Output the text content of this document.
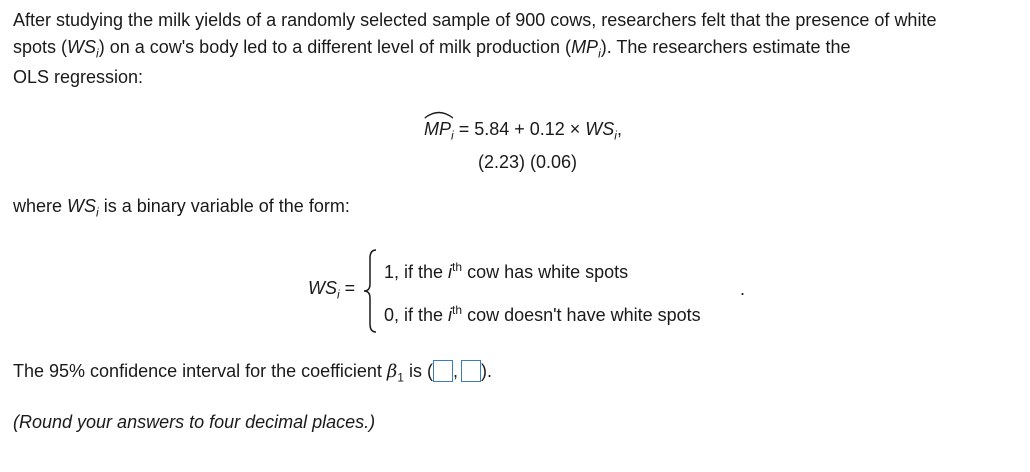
After studying the milk yields of a randomly selected sample of 900 cows, researchers felt that the presence of white
spots $(WS_i)$ on a cow's body led to a different level of milk production $(MP_i)$. The researchers estimate the
OLS regression:
$MP_i = 5.84 + 0.12 \times WS_i$,
(2.23) (0.06)
where $WS_i$ is a binary variable of the form:
$WS_i$ =
1, if the $i^{th}$ cow has white spots
0, if the $i^{th}$ cow doesn't have white spots
.
The 95% confidence interval for the coefficient $\beta_1$ is ( , ).
(Round your answers to four decimal places.)
